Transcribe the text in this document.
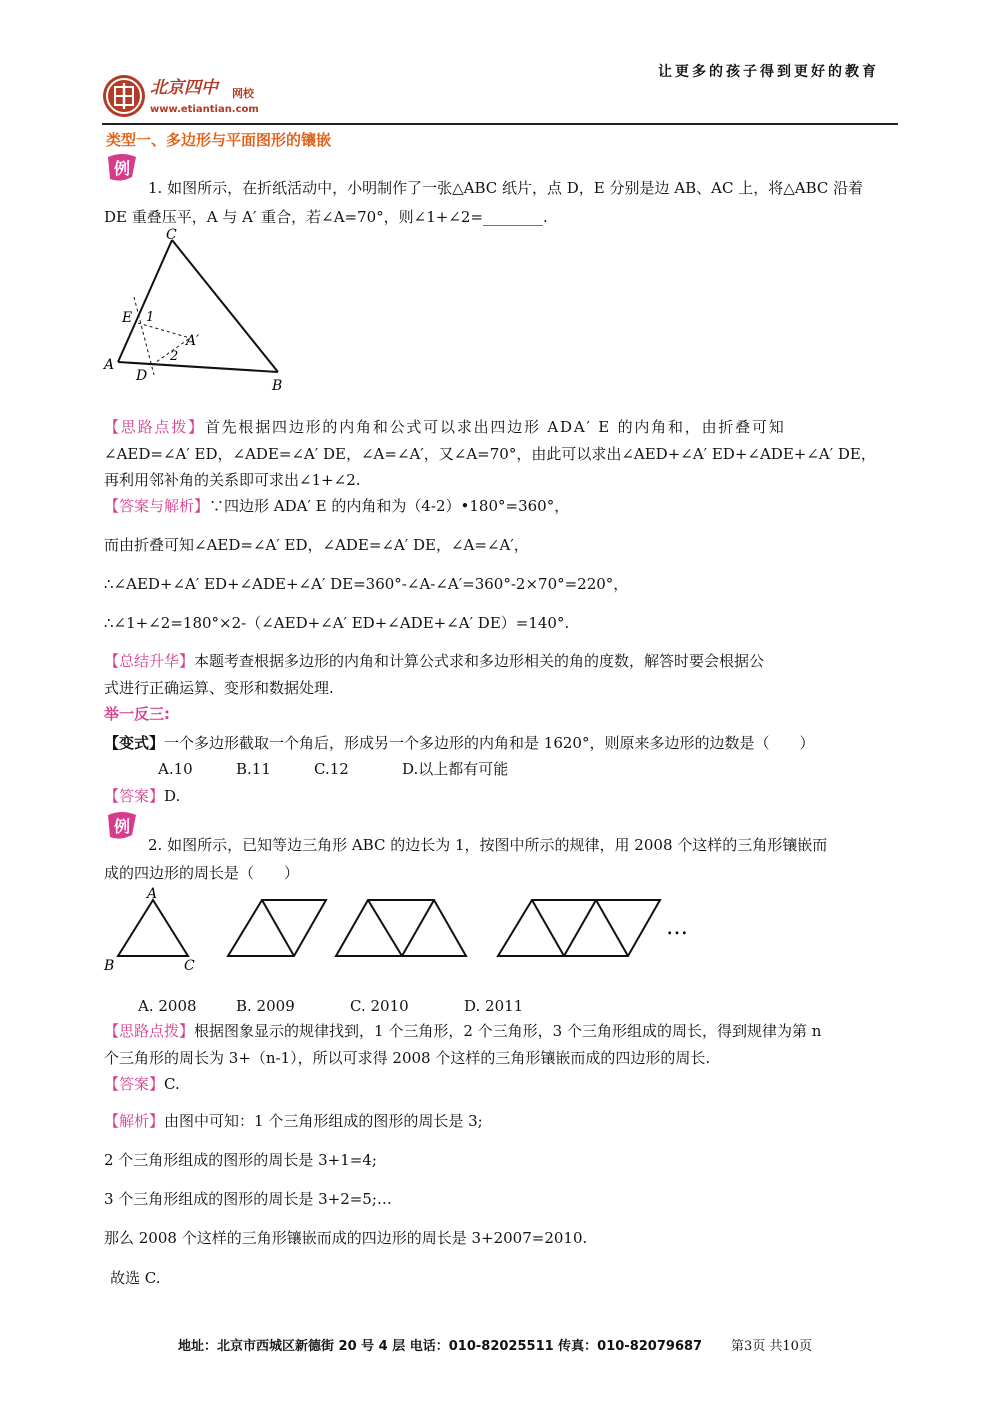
让更多的孩子得到更好的教育
北京四中 网校
www.etiantian.com
类型一、多边形与平面图形的镶嵌
例
1. 如图所示，在折纸活动中，小明制作了一张△ABC 纸片，点 D，E 分别是边 AB、AC 上，将△ABC 沿着
DE 重叠压平，A 与 A′ 重合，若∠A=70°，则∠1+∠2=________.
C
E 1
A′
2
A
D
B
【思路点拨】首先根据四边形的内角和公式可以求出四边形 ADA′ E 的内角和，由折叠可知
∠AED=∠A′ ED，∠ADE=∠A′ DE，∠A=∠A′，又∠A=70°，由此可以求出∠AED+∠A′ ED+∠ADE+∠A′ DE，
再利用邻补角的关系即可求出∠1+∠2.
【答案与解析】∵四边形 ADA′ E 的内角和为（4-2）•180°=360°，
而由折叠可知∠AED=∠A′ ED，∠ADE=∠A′ DE，∠A=∠A′，
∴∠AED+∠A′ ED+∠ADE+∠A′ DE=360°-∠A-∠A′=360°-2×70°=220°，
∴∠1+∠2=180°×2-（∠AED+∠A′ ED+∠ADE+∠A′ DE）=140°.
【总结升华】本题考查根据多边形的内角和计算公式求和多边形相关的角的度数，解答时要会根据公
式进行正确运算、变形和数据处理.
举一反三:
【变式】一个多边形截取一个角后，形成另一个多边形的内角和是 1620°，则原来多边形的边数是（　　）
A.10	B.11	C.12	D.以上都有可能
【答案】D.
例
2. 如图所示，已知等边三角形 ABC 的边长为 1，按图中所示的规律，用 2008 个这样的三角形镶嵌而
成的四边形的周长是（　　）
A
B	C
…
A. 2008	B. 2009	C. 2010	D. 2011
【思路点拨】根据图象显示的规律找到，1 个三角形，2 个三角形，3 个三角形组成的周长，得到规律为第 n
个三角形的周长为 3+（n-1），所以可求得 2008 个这样的三角形镶嵌而成的四边形的周长.
【答案】C.
【解析】由图中可知：1 个三角形组成的图形的周长是 3;
2 个三角形组成的图形的周长是 3+1=4;
3 个三角形组成的图形的周长是 3+2=5;…
那么 2008 个这样的三角形镶嵌而成的四边形的周长是 3+2007=2010.
故选 C.
地址：北京市西城区新德街 20 号 4 层 电话：010-82025511 传真：010-82079687 第3页 共10页
